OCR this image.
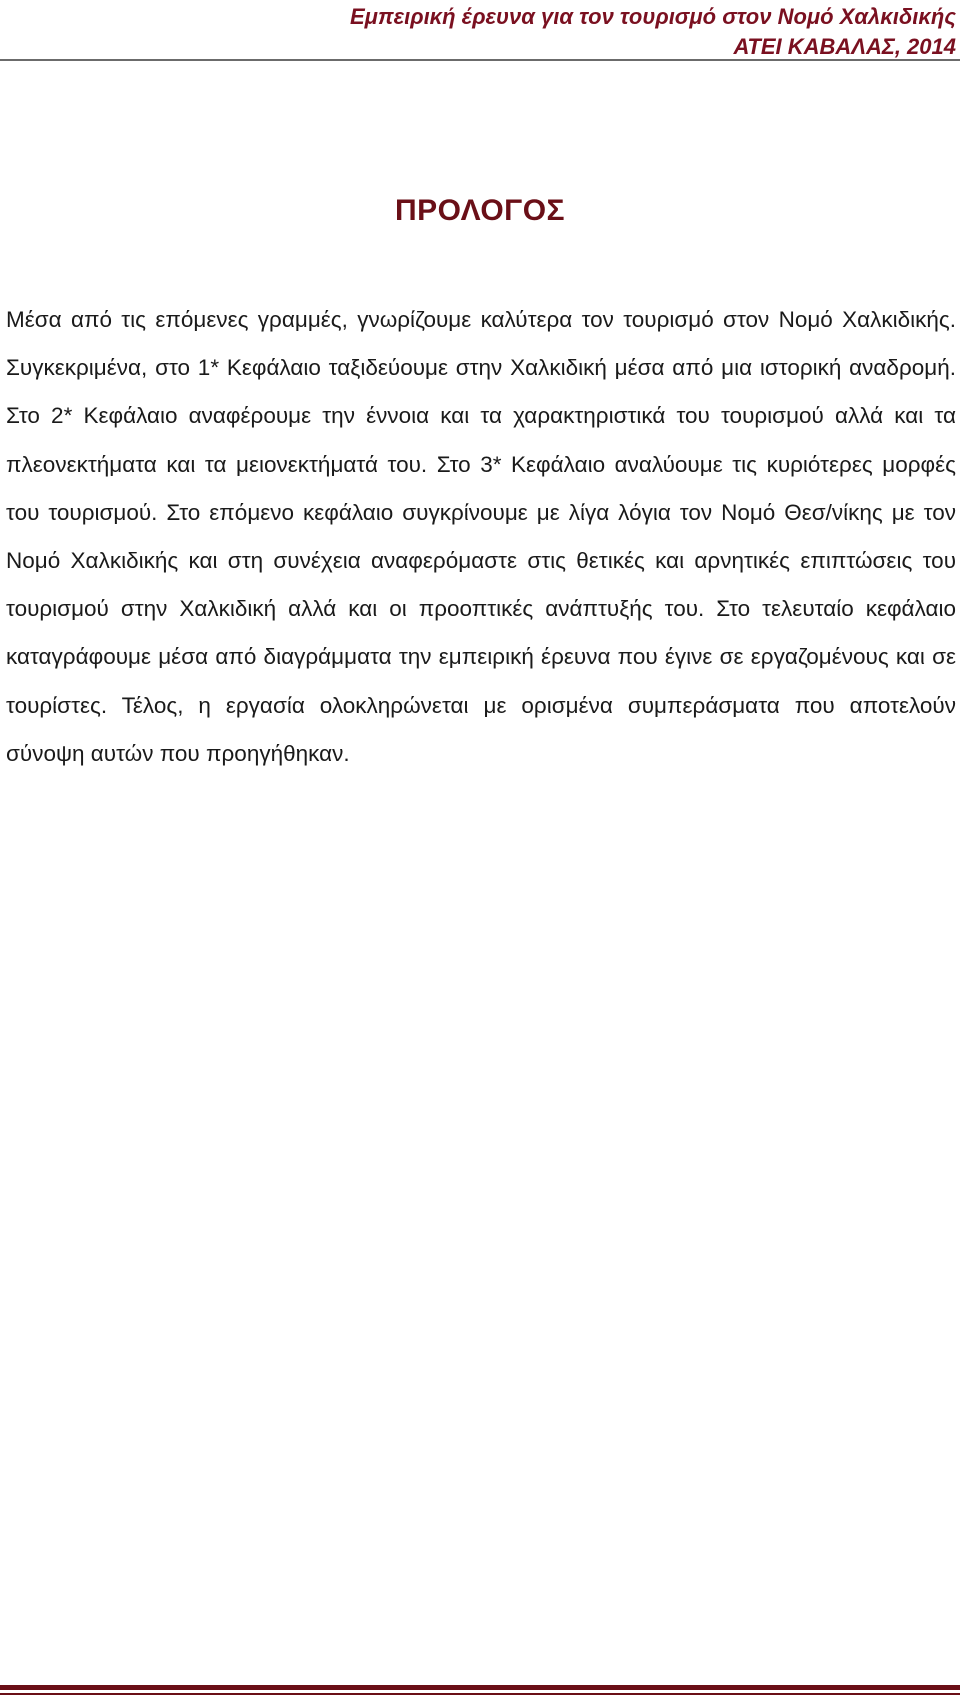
Εμπειρική έρευνα για τον τουρισμό στον Νομό Χαλκιδικής
ΑΤΕΙ ΚΑΒΑΛΑΣ, 2014
ΠΡΟΛΟΓΟΣ

Μέσα από τις επόμενες γραμμές, γνωρίζουμε καλύτερα τον τουρισμό στον Νομό Χαλκιδικής. Συγκεκριμένα, στο 1* Κεφάλαιο ταξιδεύουμε στην Χαλκιδική μέσα από μια ιστορική αναδρομή. Στο 2* Κεφάλαιο αναφέρουμε την έννοια και τα χαρακτηριστικά του τουρισμού αλλά και τα πλεονεκτήματα και τα μειονεκτήματά του. Στο 3* Κεφάλαιο αναλύουμε τις κυριότερες μορφές του τουρισμού. Στο επόμενο κεφάλαιο συγκρίνουμε με λίγα λόγια τον Νομό Θεσ/νίκης με τον Νομό Χαλκιδικής και στη συνέχεια αναφερόμαστε στις θετικές και αρνητικές επιπτώσεις του τουρισμού στην Χαλκιδική αλλά και οι προοπτικές ανάπτυξής του. Στο τελευταίο κεφάλαιο καταγράφουμε μέσα από διαγράμματα την εμπειρική έρευνα που έγινε σε εργαζομένους και σε τουρίστες. Τέλος, η εργασία ολοκληρώνεται με ορισμένα συμπεράσματα που αποτελούν σύνοψη αυτών που προηγήθηκαν.
